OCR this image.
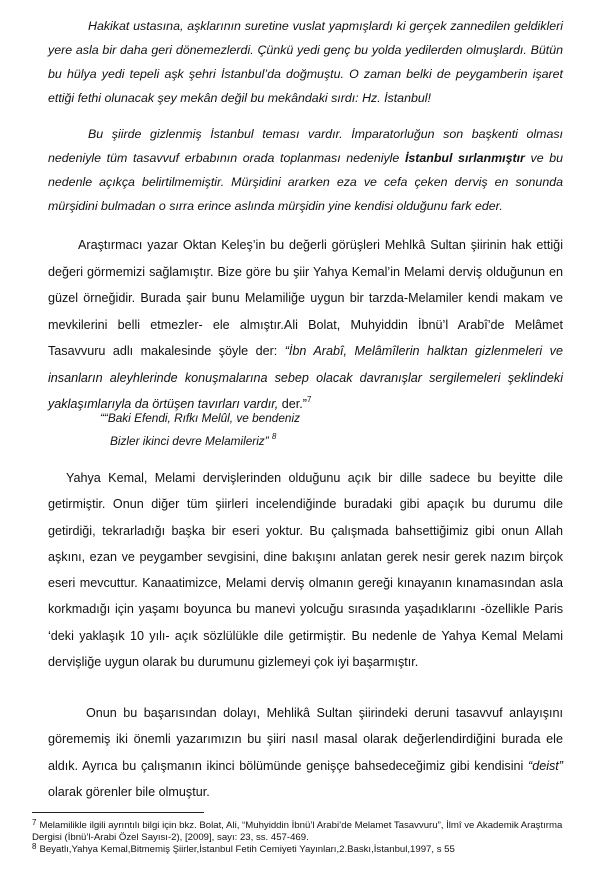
Hakikat ustasına, aşklarının suretine vuslat yapmışlardı ki gerçek zannedilen geldikleri yere asla bir daha geri dönemezlerdi. Çünkü yedi genç bu yolda yedilerden olmuşlardı. Bütün bu hülya yedi tepeli aşk şehri İstanbul’da doğmuştu. O zaman belki de peygamberin işaret ettiği fethi olunacak şey mekân değil bu mekândaki sırdı: Hz. İstanbul!

Bu şiirde gizlenmiş İstanbul teması vardır. İmparatorluğun son başkenti olması nedeniyle tüm tasavvuf erbabının orada toplanması nedeniyle İstanbul sırlanmıştır ve bu nedenle açıkça belirtilmemiştir. Mürşidini ararken eza ve cefa çeken derviş en sonunda mürşidini bulmadan o sırra erince aslında mürşidin yine kendisi olduğunu fark eder.

Araştırmacı yazar Oktan Keleş’in bu değerli görüşleri Mehlkâ Sultan şiirinin hak ettiği değeri görmemizi sağlamıştır. Bize göre bu şiir Yahya Kemal’in Melami derviş olduğunun en güzel örneğidir. Burada şair bunu Melamiliğe uygun bir tarzda-Melamiler kendi makam ve mevkilerini belli etmezler- ele almıştır.Ali Bolat, Muhyiddin İbnü’l Arabî’de Melâmet Tasavvuru adlı makalesinde şöyle der: “İbn Arabî, Melâmîlerin halktan gizlenmeleri ve insanların aleyhlerinde konuşmalarına sebep olacak davranışlar sergilemeleri şeklindeki yaklaşımlarıyla da örtüşen tavırları vardır, der.”$^7$

““Baki Efendi, Rıfkı Melûl, ve bendeniz
Bizler ikinci devre Melamileriz” $^8$

Yahya Kemal, Melami dervişlerinden olduğunu açık bir dille sadece bu beyitte dile getirmiştir. Onun diğer tüm şiirleri incelendiğinde buradaki gibi apaçık bu durumu dile getirdiği, tekrarladığı başka bir eseri yoktur. Bu çalışmada bahsettiğimiz gibi onun Allah aşkını, ezan ve peygamber sevgisini, dine bakışını anlatan gerek nesir gerek nazım birçok eseri mevcuttur. Kanaatimizce, Melami derviş olmanın gereği kınayanın kınamasından asla korkmadığı için yaşamı boyunca bu manevi yolcuğu sırasında yaşadıklarını -özellikle Paris ‘deki yaklaşık 10 yılı- açık sözlülükle dile getirmiştir. Bu nedenle de Yahya Kemal Melami dervişliğe uygun olarak bu durumunu gizlemeyi çok iyi başarmıştır.

Onun bu başarısından dolayı, Mehlikâ Sultan şiirindeki deruni tasavvuf anlayışını görememiş iki önemli yazarımızın bu şiiri nasıl masal olarak değerlendirdiğini burada ele aldık. Ayrıca bu çalışmanın ikinci bölümünde genişçe bahsedeceğimiz gibi kendisini “deist” olarak görenler bile olmuştur.

$^7$ Melamilikle ilgili ayrıntılı bilgi için bkz. Bolat, Ali, “Muhyiddin İbnü’l Arabi’de Melamet Tasavvuru”, İlmî ve Akademik Araştırma Dergisi (İbnü’l-Arabi Özel Sayısı-2), [2009], sayı: 23, ss. 457-469.

$^8$ Beyatlı,Yahya Kemal,Bitmemiş Şiirler,İstanbul Fetih Cemiyeti Yayınları,2.Baskı,İstanbul,1997, s 55
